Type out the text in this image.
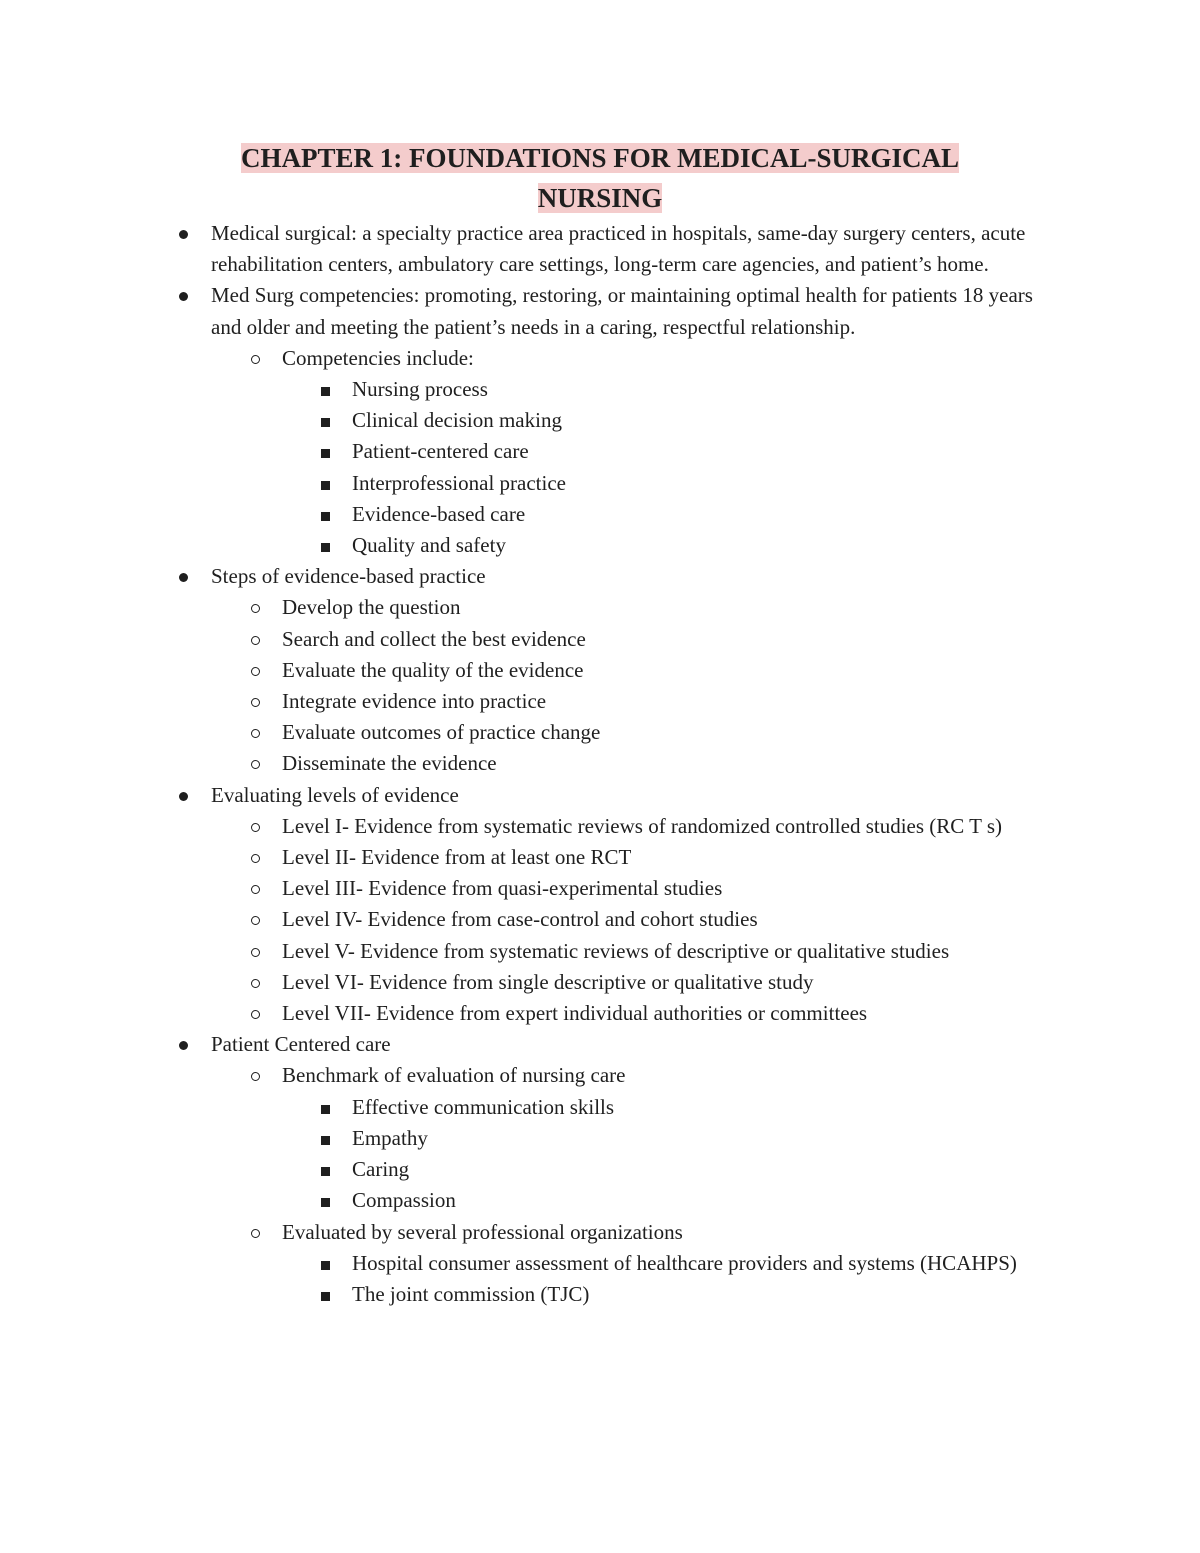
CHAPTER 1: FOUNDATIONS FOR MEDICAL-SURGICAL
NURSING
Medical surgical: a specialty practice area practiced in hospitals, same-day surgery centers, acute rehabilitation centers, ambulatory care settings, long-term care agencies, and patient’s home.
Med Surg competencies: promoting, restoring, or maintaining optimal health for patients 18 years and older and meeting the patient’s needs in a caring, respectful relationship.
Competencies include:
Nursing process
Clinical decision making
Patient-centered care
Interprofessional practice
Evidence-based care
Quality and safety
Steps of evidence-based practice
Develop the question
Search and collect the best evidence
Evaluate the quality of the evidence
Integrate evidence into practice
Evaluate outcomes of practice change
Disseminate the evidence
Evaluating levels of evidence
Level I- Evidence from systematic reviews of randomized controlled studies (RC T s)
Level II- Evidence from at least one RCT
Level III- Evidence from quasi-experimental studies
Level IV- Evidence from case-control and cohort studies
Level V- Evidence from systematic reviews of descriptive or qualitative studies
Level VI- Evidence from single descriptive or qualitative study
Level VII- Evidence from expert individual authorities or committees
Patient Centered care
Benchmark of evaluation of nursing care
Effective communication skills
Empathy
Caring
Compassion
Evaluated by several professional organizations
Hospital consumer assessment of healthcare providers and systems (HCAHPS)
The joint commission (TJC)
